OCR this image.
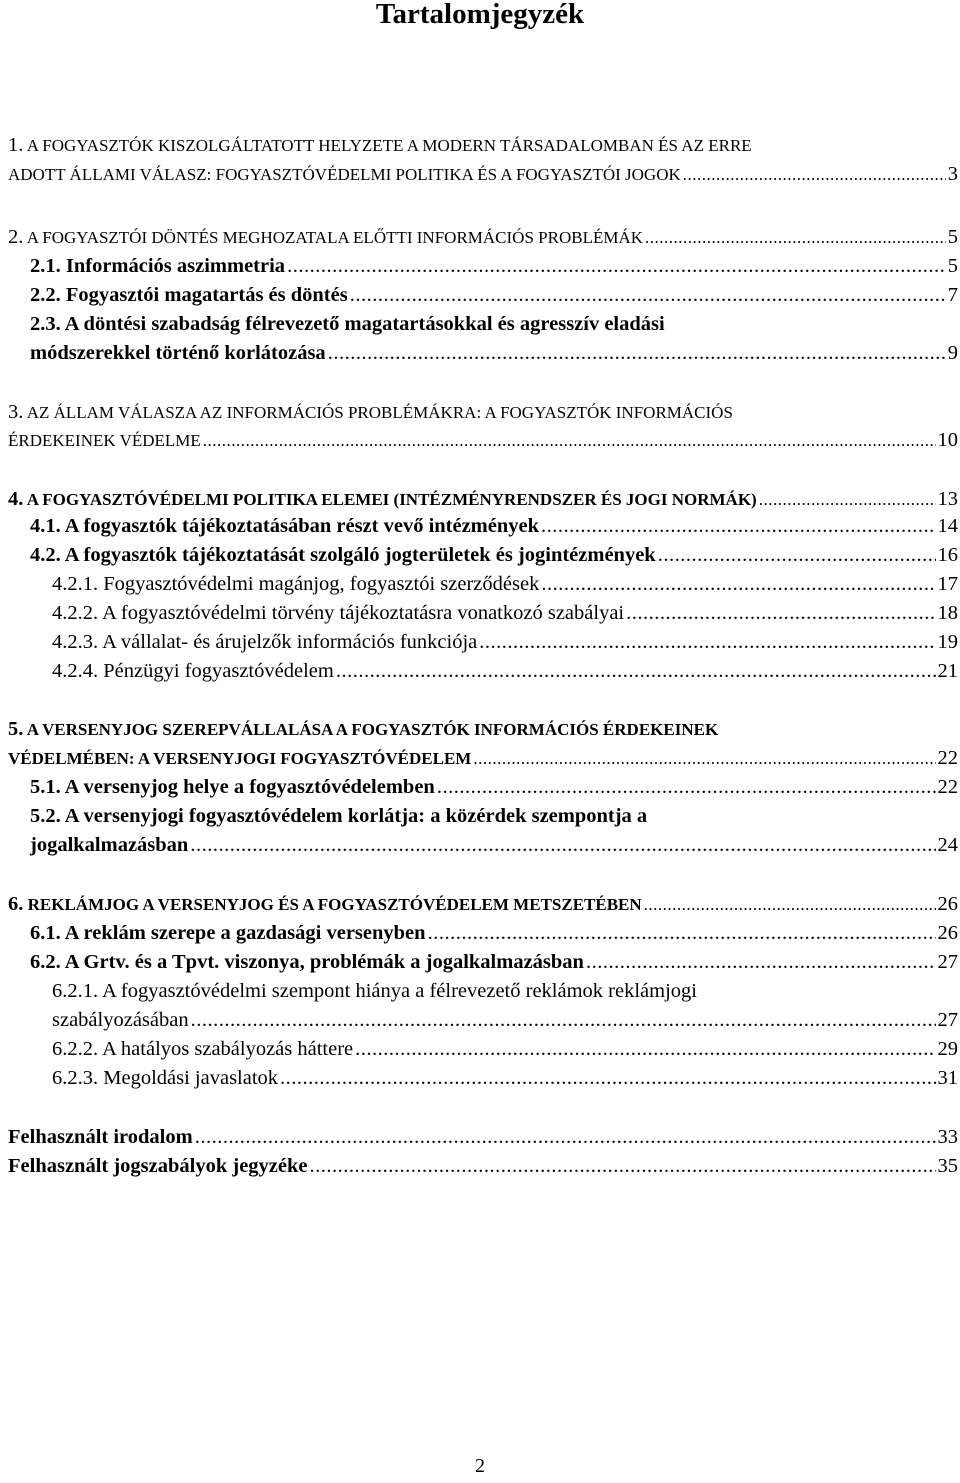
Tartalomjegyzék
1. A FOGYASZTÓK KISZOLGÁLTATOTT HELYZETE A MODERN TÁRSADALOMBAN ÉS AZ ERRE
ADOTT ÁLLAMI VÁLASZ: FOGYASZTÓVÉDELMI POLITIKA ÉS A FOGYASZTÓI JOGOK .....	3
2. A FOGYASZTÓI DÖNTÉS MEGHOZATALA ELŐTTI INFORMÁCIÓS PROBLÉMÁK .....	5
2.1. Információs aszimmetria .....	5
2.2. Fogyasztói magatartás és döntés .....	7
2.3. A döntési szabadság félrevezető magatartásokkal és agresszív eladási
módszerekkel történő korlátozása .....	9
3. AZ ÁLLAM VÁLASZA AZ INFORMÁCIÓS PROBLÉMÁKRA: A FOGYASZTÓK INFORMÁCIÓS
ÉRDEKEINEK VÉDELME .....	10
4. A FOGYASZTÓVÉDELMI POLITIKA ELEMEI (INTÉZMÉNYRENDSZER ÉS JOGI NORMÁK) .....	13
4.1. A fogyasztók tájékoztatásában részt vevő intézmények .....	14
4.2. A fogyasztók tájékoztatását szolgáló jogterületek és jogintézmények .....	16
4.2.1. Fogyasztóvédelmi magánjog, fogyasztói szerződések .....	17
4.2.2. A fogyasztóvédelmi törvény tájékoztatásra vonatkozó szabályai .....	18
4.2.3. A vállalat- és árujelzők információs funkciója .....	19
4.2.4. Pénzügyi fogyasztóvédelem .....	21
5. A VERSENYJOG SZEREPVÁLLALÁSA A FOGYASZTÓK INFORMÁCIÓS ÉRDEKEINEK
VÉDELMÉBEN: A VERSENYJOGI FOGYASZTÓVÉDELEM .....	22
5.1. A versenyjog helye a fogyasztóvédelemben .....	22
5.2. A versenyjogi fogyasztóvédelem korlátja: a közérdek szempontja a
jogalkalmazásban .....	24
6. REKLÁMJOG A VERSENYJOG ÉS A FOGYASZTÓVÉDELEM METSZETÉBEN .....	26
6.1. A reklám szerepe a gazdasági versenyben .....	26
6.2. A Grtv. és a Tpvt. viszonya, problémák a jogalkalmazásban .....	27
6.2.1. A fogyasztóvédelmi szempont hiánya a félrevezető reklámok reklámjogi
szabályozásában .....	27
6.2.2. A hatályos szabályozás háttere .....	29
6.2.3. Megoldási javaslatok .....	31
Felhasznált irodalom .....	33
Felhasznált jogszabályok jegyzéke .....	35
2
